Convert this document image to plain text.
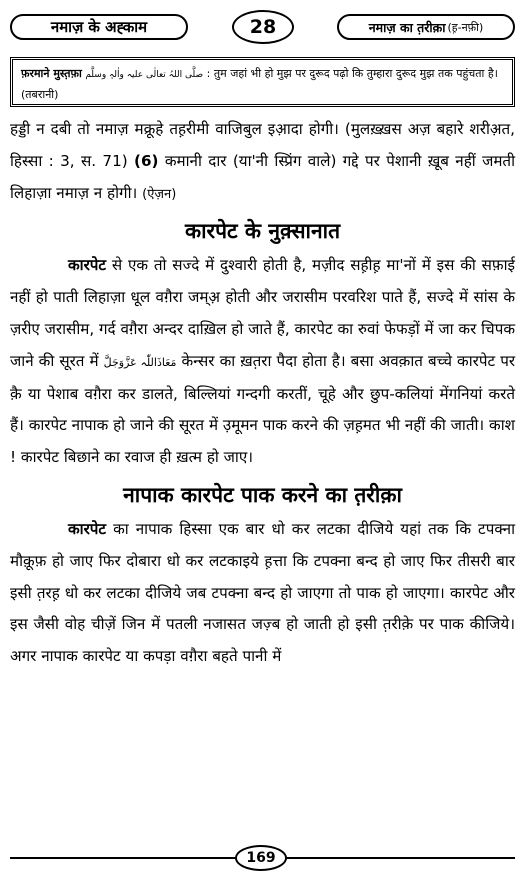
नमाज़ के अह्काम	28	नमाज़ का त़रीक़ा (ह़-नफ़ी)
फ़रमाने मुस्त़फ़ा صلَّی اللہُ تعالٰی علیہ واٰلہٖ وسلَّم : तुम जहां भी हो मुझ पर दुरूद पढ़ो कि तुम्हारा दुरूद मुझ तक पहुंचता है। (तबरानी)

हड्डी न दबी तो नमाज़ मक्रूहे तह़रीमी वाजिबुल इआ़दा होगी। (मुलख़्ख़स अज़ बहारे शरीअ़त, हिस्सा : 3, स. 71) (6) कमानी दार (या'नी स्प्रिंग वाले) गद्दे पर पेशानी ख़ूब नहीं जमती लिहाज़ा नमाज़ न होगी। (ऐज़न)

कारपेट के नुक़्सानात

कारपेट से एक तो सज्दे में दुश्वारी होती है, मज़ीद सह़ीह़ मा'नों में इस की सफ़ाई नहीं हो पाती लिहाज़ा धूल वग़ैरा जम्अ़ होती और जरासीम परवरिश पाते हैं, सज्दे में सांस के ज़रीए जरासीम, गर्द वग़ैरा अन्दर दाख़िल हो जाते हैं, कारपेट का रुवां फेफड़ों में जा कर चिपक जाने की सूरत में مَعَاذَاللّٰہ عَزَّوَجَلَّ केन्सर का ख़त़रा पैदा होता है। बसा अवक़ात बच्चे कारपेट पर क़ै या पेशाब वग़ैरा कर डालते, बिल्लियां गन्दगी करतीं, चूहे और छुप-कलियां मेंगनियां करते हैं। कारपेट नापाक हो जाने की सूरत में उ़मूमन पाक करने की ज़ह़मत भी नहीं की जाती। काश ! कारपेट बिछाने का रवाज ही ख़त्म हो जाए।

नापाक कारपेट पाक करने का त़रीक़ा

कारपेट का नापाक हिस्सा एक बार धो कर लटका दीजिये यहां तक कि टपक्ना मौक़ूफ़ हो जाए फिर दोबारा धो कर लटकाइये ह़त्ता कि टपक्ना बन्द हो जाए फिर तीसरी बार इसी त़रह़ धो कर लटका दीजिये जब टपक्ना बन्द हो जाएगा तो पाक हो जाएगा। कारपेट और इस जैसी वोह चीज़ें जिन में पतली नजासत जज़्ब हो जाती हो इसी त़रीक़े पर पाक कीजिये। अगर नापाक कारपेट या कपड़ा वग़ैरा बहते पानी में

169
